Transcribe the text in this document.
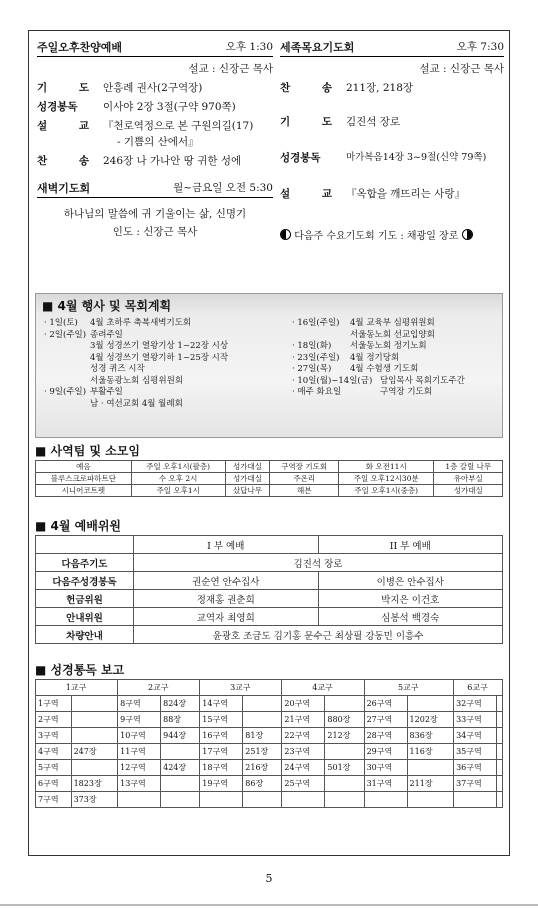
주일오후찬양예배	오후 1:30
설교 : 신장근 목사
기	도 안흥례 권사(2구역장)
성경봉독	이사야 2장 3절(구약 970쪽)
설	교 『천로역정으로 본 구원의길(17)
- 기쁨의 산에서』
찬	송 246장 나 가나안 땅 귀한 성에
새벽기도회	월~금요일 오전 5:30
하나님의 말씀에 귀 기울이는 삶, 신명기
인도 : 신장근 목사
세족목요기도회	오후 7:30
설교 : 신장근 목사
찬	송 211장, 218장
기	도 김진석 장로
성경봉독	마가복음14장 3~9절(신약 79쪽)
설	교 『옥합을 깨뜨리는 사랑』
다음주 수요기도회 기도 : 채광일 장로
■ 4월 행사 및 목회계획
· 1일(토)	4월 초하루 축복새벽기도회
· 2일(주일) 종려주일
3월 성경쓰기 열왕기상 1~22장 시상
4월 성경쓰기 열왕기하 1~25장 시작
성경 퀴즈 시작
서울동광노회 심평위원회
· 9일(주일) 부활주일
남 · 여선교회 4월 월례회
· 16일(주일)	4월 교육부 심평위원회
서울동노회 선교입양회
· 18일(화)	서울동노회 정기노회
· 23일(주일)	4월 정기당회
· 27일(목)	4월 수험생 기도회
· 10일(월)~14일(금) 담임목사 목회기도주간
· 매주 화요일	구역장 기도회
■ 사역팀 및 소모임
예음	주일 오후1시(팔층)	성가대실	구역장 기도회	화 오전11시	1층 갈릴 나무
블루스크로파하트단	수 오후 2시	성가대실	주온리	주일 오후12시30분	유아부실
시니어코트펫	주일 오후1시	샀답나무	해븐	주일 오후1시(중층)	성가대실
■ 4월 예배위원
	I 부 예배	II 부 예배
다음주기도	김진석 장로	
다음주성경봉독	권순연 안수집사	이병은 안수집사
헌금위원	정재홍 권춘희	박지은 이건호
안내위원	교역자 최영희	심봉석 백경숙
차량안내	윤광호 조금도 김기홍 문수근 최상필 강동민 이흥수	
■ 성경통독 보고
1교구		2교구		3교구		4교구		5교구		6교구	
1구역		8구역	824장	14구역		20구역		26구역		32구역	
2구역		9구역	88장	15구역		21구역	880장	27구역	1202장	33구역	
3구역		10구역	944장	16구역	81장	22구역	212장	28구역	836장	34구역	
4구역	247장	11구역		17구역	251장	23구역		29구역	116장	35구역	
5구역		12구역	424장	18구역	216장	24구역	501장	30구역		36구역	
6구역	1823장	13구역		19구역	86장	25구역		31구역	211장	37구역	
7구역	373장										
5
